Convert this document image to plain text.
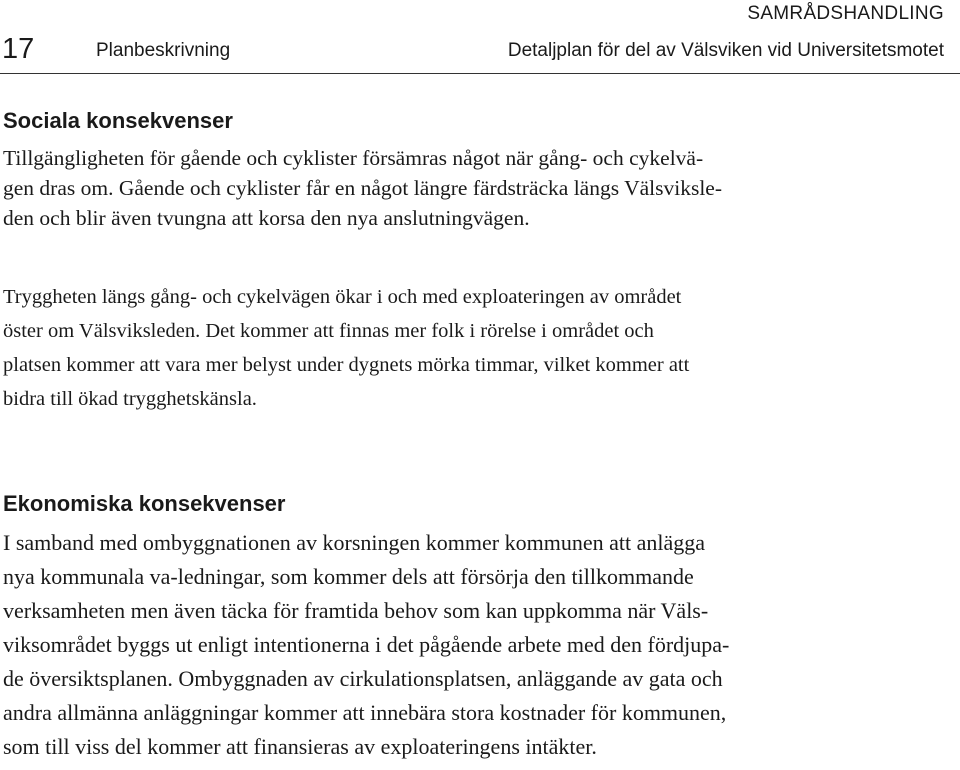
SAMRÅDSHANDLING
17	Planbeskrivning	Detaljplan för del av Välsviken vid Universitetsmotet
Sociala konsekvenser
Tillgängligheten för gående och cyklister försämras något när gång- och cykelvä-
gen dras om. Gående och cyklister får en något längre färdsträcka längs Välsviksle-
den och blir även tvungna att korsa den nya anslutningvägen.
Tryggheten längs gång- och cykelvägen ökar i och med exploateringen av området
öster om Välsviksleden. Det kommer att finnas mer folk i rörelse i området och
platsen kommer att vara mer belyst under dygnets mörka timmar, vilket kommer att
bidra till ökad trygghetskänsla.
Ekonomiska konsekvenser
I samband med ombyggnationen av korsningen kommer kommunen att anlägga
nya kommunala va-ledningar, som kommer dels att försörja den tillkommande
verksamheten men även täcka för framtida behov som kan uppkomma när Väls-
viksområdet byggs ut enligt intentionerna i det pågående arbete med den fördjupa-
de översiktsplanen. Ombyggnaden av cirkulationsplatsen, anläggande av gata och
andra allmänna anläggningar kommer att innebära stora kostnader för kommunen,
som till viss del kommer att finansieras av exploateringens intäkter.
